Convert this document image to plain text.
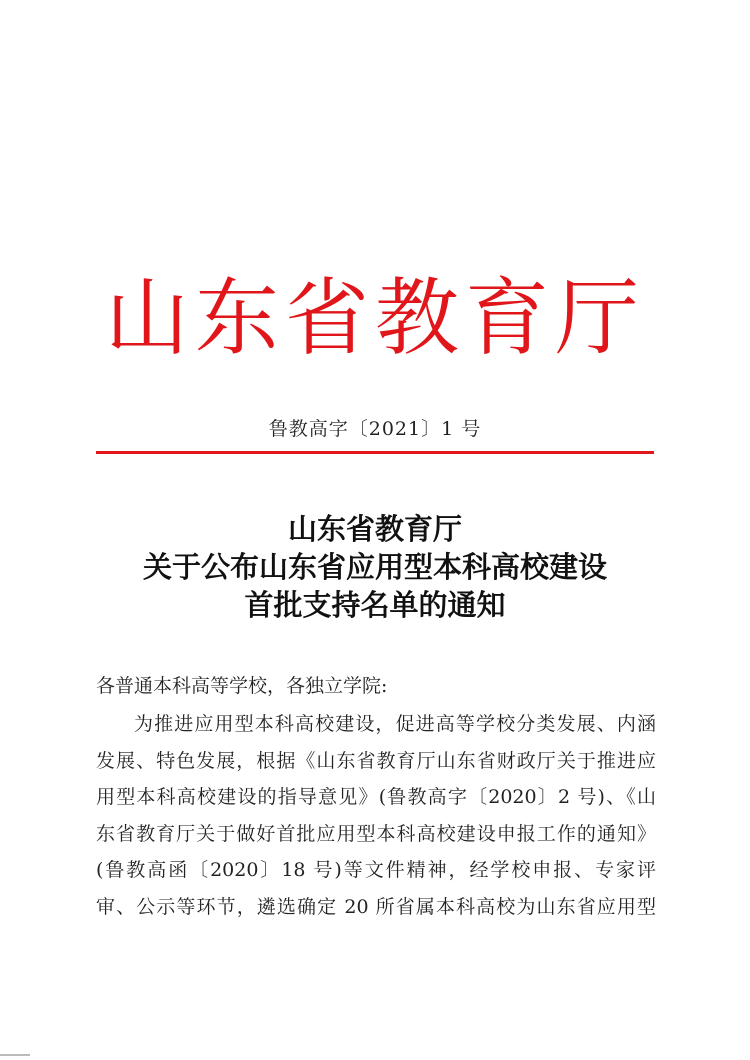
山东省教育厅
鲁教高字〔2021〕1 号
山东省教育厅
关于公布山东省应用型本科高校建设
首批支持名单的通知
各普通本科高等学校，各独立学院:
为推进应用型本科高校建设，促进高等学校分类发展、内涵
发展、特色发展，根据《山东省教育厅山东省财政厅关于推进应
用型本科高校建设的指导意见》(鲁教高字〔2020〕2 号)、《山
东省教育厅关于做好首批应用型本科高校建设申报工作的通知》
(鲁教高函〔2020〕18 号)等文件精神，经学校申报、专家评
审、公示等环节，遴选确定 20 所省属本科高校为山东省应用型
